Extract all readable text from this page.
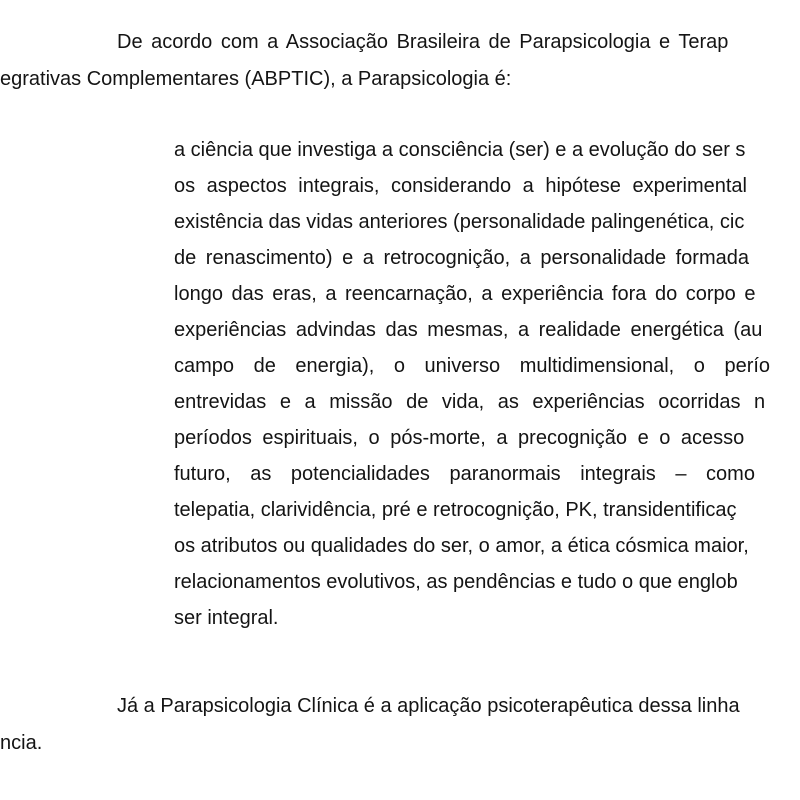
De acordo com a Associação Brasileira de Parapsicologia e Terap
egrativas Complementares (ABPTIC), a Parapsicologia é:
a ciência que investiga a consciência (ser) e a evolução do ser s
os aspectos integrais, considerando a hipótese experimental
existência das vidas anteriores (personalidade palingenética, cic
de renascimento) e a retrocognição, a personalidade formada
longo das eras, a reencarnação, a experiência fora do corpo e
experiências advindas das mesmas, a realidade energética (au
campo de energia), o universo multidimensional, o perío
entrevidas e a missão de vida, as experiências ocorridas n
períodos espirituais, o pós-morte, a precognição e o acesso
futuro, as potencialidades paranormais integrais – como
telepatia, clarividência, pré e retrocognição, PK, transidentificaç
os atributos ou qualidades do ser, o amor, a ética cósmica maior,
relacionamentos evolutivos, as pendências e tudo o que englob
ser integral.
Já a Parapsicologia Clínica é a aplicação psicoterapêutica dessa linha
ncia.
